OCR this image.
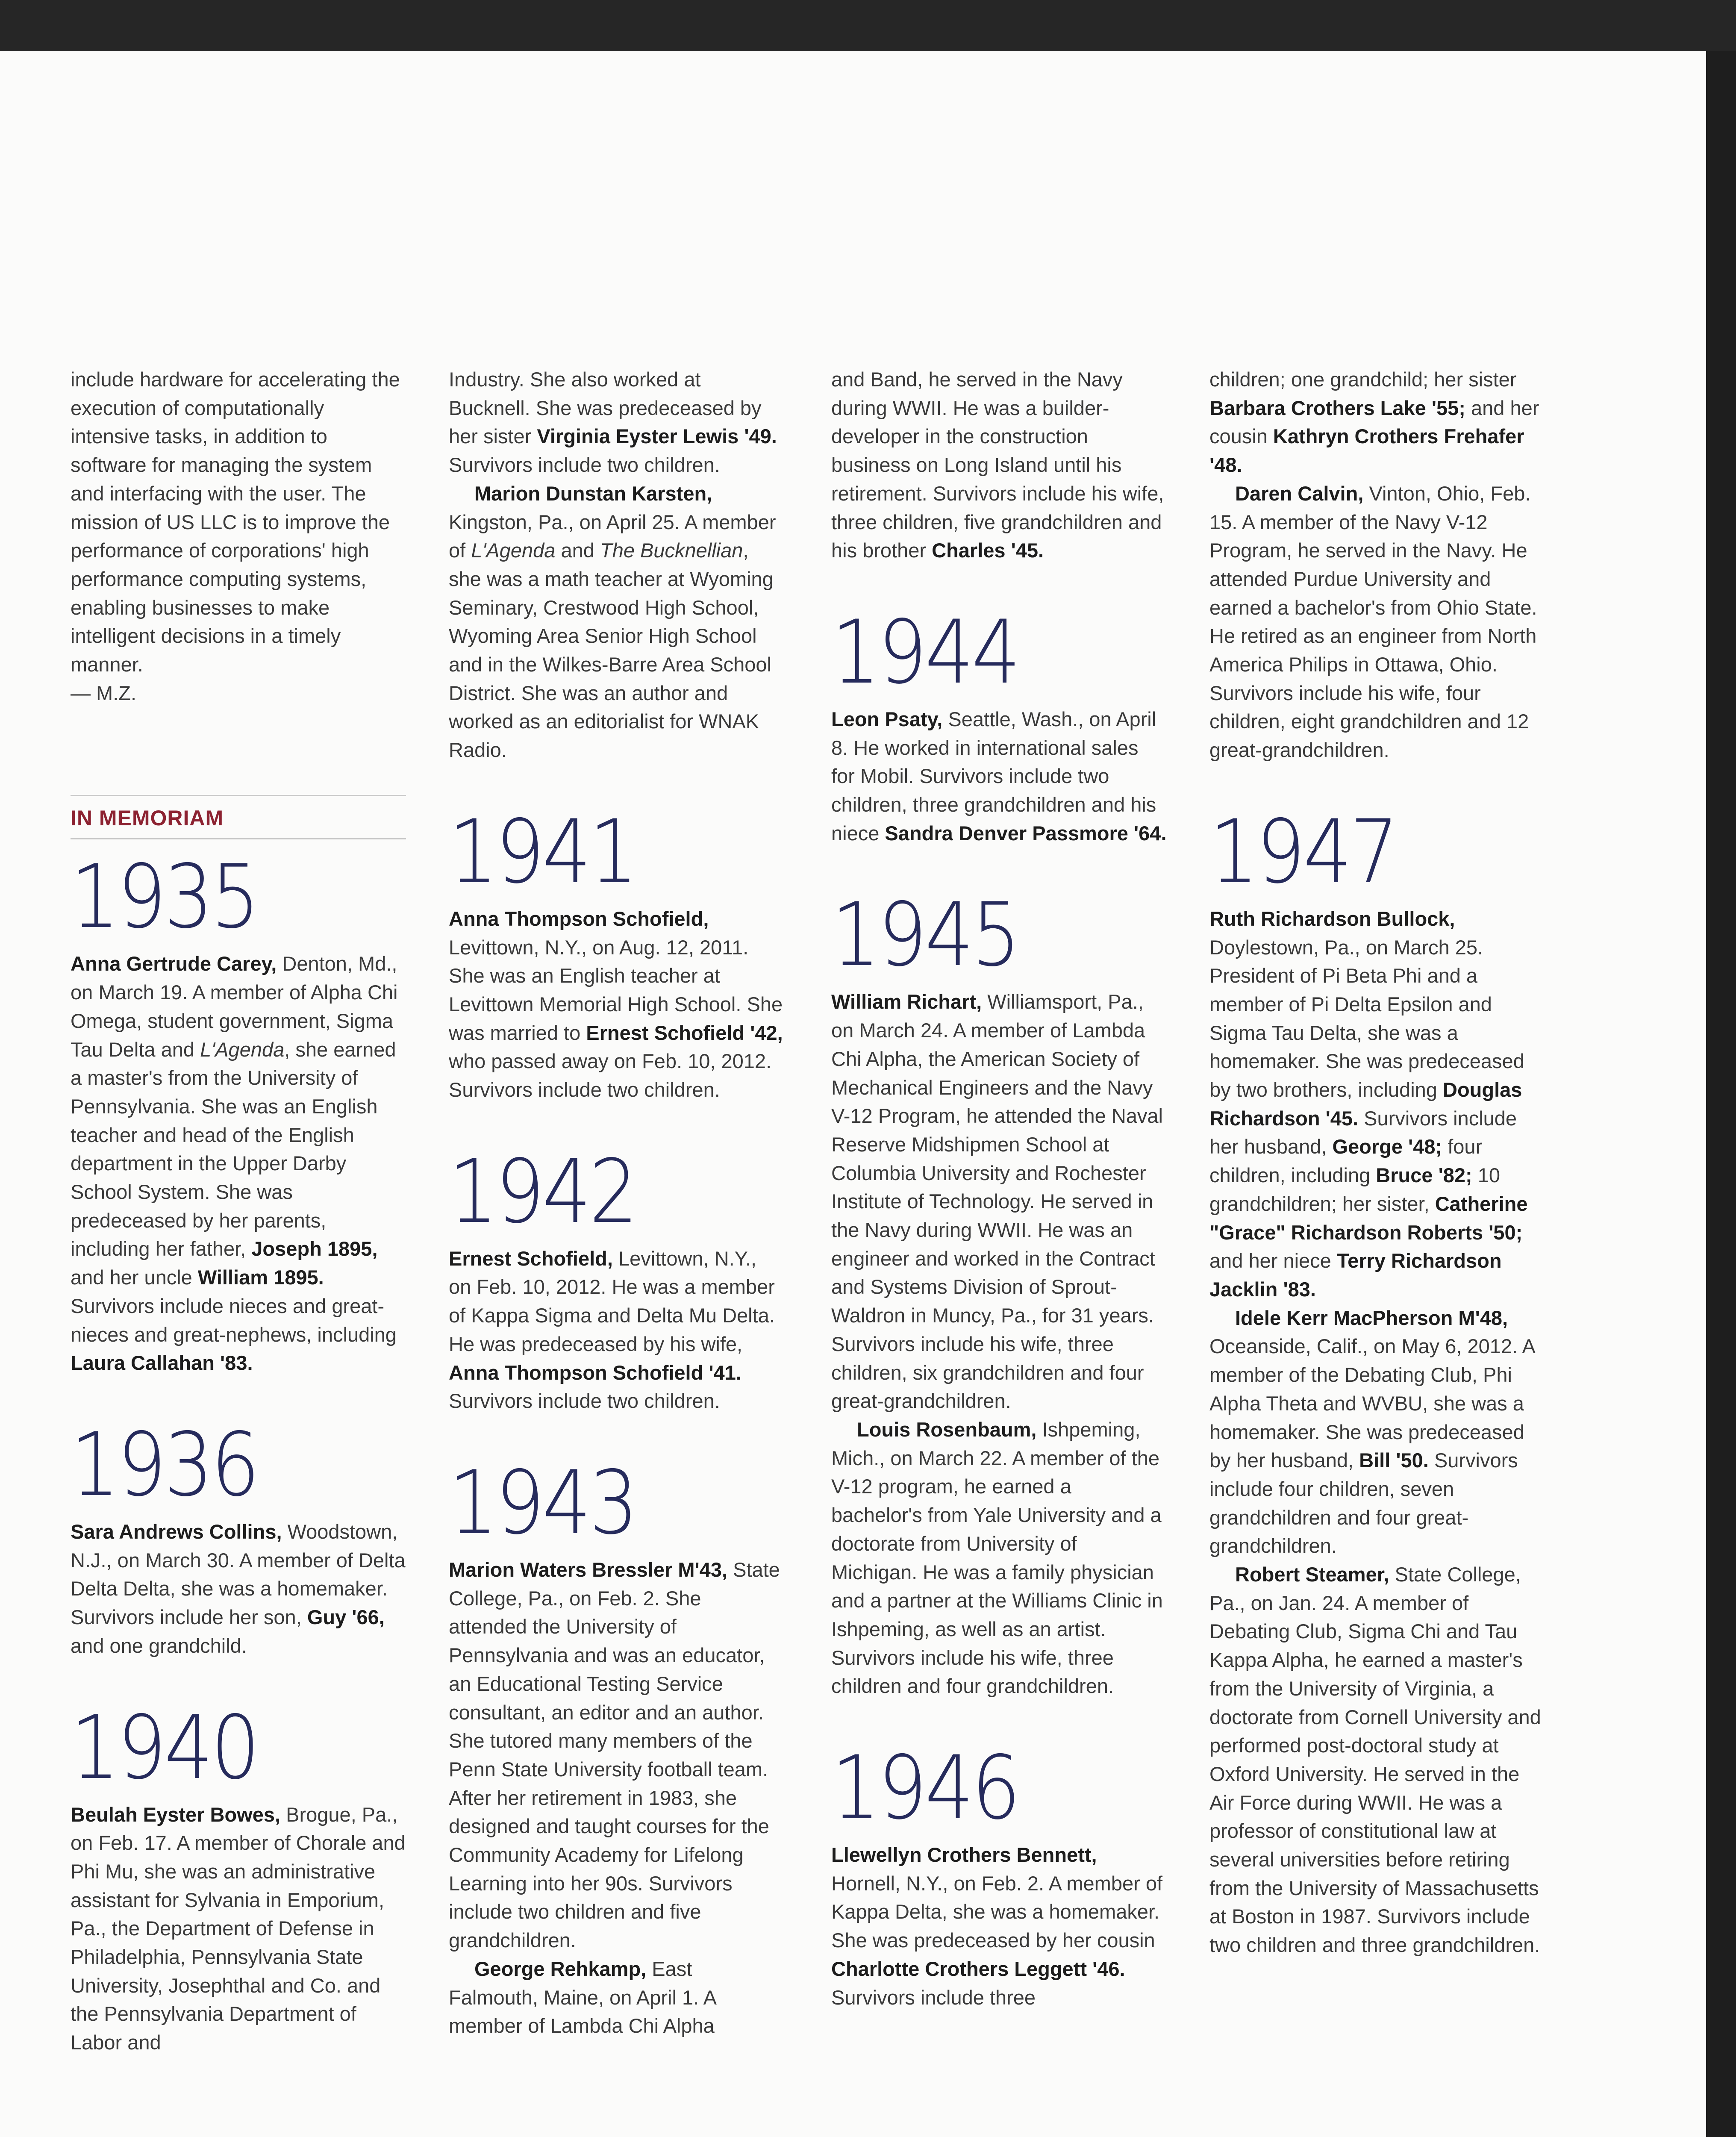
include hardware for accelerating the execution of computationally intensive tasks, in addition to software for managing the system and interfacing with the user. The mission of US LLC is to improve the performance of corporations' high performance computing systems, enabling businesses to make intelligent decisions in a timely manner.
— M.Z.

IN MEMORIAM
1935

Anna Gertrude Carey, Denton, Md., on March 19. A member of Alpha Chi Omega, student government, Sigma Tau Delta and L'Agenda, she earned a master's from the University of Pennsylvania. She was an English teacher and head of the English department in the Upper Darby School System. She was predeceased by her parents, including her father, Joseph 1895, and her uncle William 1895. Survivors include nieces and great-nieces and great-nephews, including Laura Callahan '83.

1936

Sara Andrews Collins, Woodstown, N.J., on March 30. A member of Delta Delta Delta, she was a homemaker. Survivors include her son, Guy '66, and one grandchild.

1940

Beulah Eyster Bowes, Brogue, Pa., on Feb. 17. A member of Chorale and Phi Mu, she was an administrative assistant for Sylvania in Emporium, Pa., the Department of Defense in Philadelphia, Pennsylvania State University, Josephthal and Co. and the Pennsylvania Department of Labor and

Industry. She also worked at Bucknell. She was predeceased by her sister Virginia Eyster Lewis '49. Survivors include two children.

Marion Dunstan Karsten, Kingston, Pa., on April 25. A member of L'Agenda and The Bucknellian, she was a math teacher at Wyoming Seminary, Crestwood High School, Wyoming Area Senior High School and in the Wilkes-Barre Area School District. She was an author and worked as an editorialist for WNAK Radio.

1941

Anna Thompson Schofield, Levittown, N.Y., on Aug. 12, 2011. She was an English teacher at Levittown Memorial High School. She was married to Ernest Schofield '42, who passed away on Feb. 10, 2012. Survivors include two children.

1942

Ernest Schofield, Levittown, N.Y., on Feb. 10, 2012. He was a member of Kappa Sigma and Delta Mu Delta. He was predeceased by his wife, Anna Thompson Schofield '41. Survivors include two children.

1943

Marion Waters Bressler M'43, State College, Pa., on Feb. 2. She attended the University of Pennsylvania and was an educator, an Educational Testing Service consultant, an editor and an author. She tutored many members of the Penn State University football team. After her retirement in 1983, she designed and taught courses for the Community Academy for Lifelong Learning into her 90s. Survivors include two children and five grandchildren.

George Rehkamp, East Falmouth, Maine, on April 1. A member of Lambda Chi Alpha

and Band, he served in the Navy during WWII. He was a builder-developer in the construction business on Long Island until his retirement. Survivors include his wife, three children, five grandchildren and his brother Charles '45.

1944

Leon Psaty, Seattle, Wash., on April 8. He worked in international sales for Mobil. Survivors include two children, three grandchildren and his niece Sandra Denver Passmore '64.

1945

William Richart, Williamsport, Pa., on March 24. A member of Lambda Chi Alpha, the American Society of Mechanical Engineers and the Navy V-12 Program, he attended the Naval Reserve Midshipmen School at Columbia University and Rochester Institute of Technology. He served in the Navy during WWII. He was an engineer and worked in the Contract and Systems Division of Sprout-Waldron in Muncy, Pa., for 31 years. Survivors include his wife, three children, six grandchildren and four great-grandchildren.

Louis Rosenbaum, Ishpeming, Mich., on March 22. A member of the V-12 program, he earned a bachelor's from Yale University and a doctorate from University of Michigan. He was a family physician and a partner at the Williams Clinic in Ishpeming, as well as an artist. Survivors include his wife, three children and four grandchildren.

1946

Llewellyn Crothers Bennett, Hornell, N.Y., on Feb. 2. A member of Kappa Delta, she was a homemaker. She was predeceased by her cousin Charlotte Crothers Leggett '46. Survivors include three

children; one grandchild; her sister Barbara Crothers Lake '55; and her cousin Kathryn Crothers Frehafer '48.

Daren Calvin, Vinton, Ohio, Feb. 15. A member of the Navy V-12 Program, he served in the Navy. He attended Purdue University and earned a bachelor's from Ohio State. He retired as an engineer from North America Philips in Ottawa, Ohio. Survivors include his wife, four children, eight grandchildren and 12 great-grandchildren.

1947

Ruth Richardson Bullock, Doylestown, Pa., on March 25. President of Pi Beta Phi and a member of Pi Delta Epsilon and Sigma Tau Delta, she was a homemaker. She was predeceased by two brothers, including Douglas Richardson '45. Survivors include her husband, George '48; four children, including Bruce '82; 10 grandchildren; her sister, Catherine "Grace" Richardson Roberts '50; and her niece Terry Richardson Jacklin '83.

Idele Kerr MacPherson M'48, Oceanside, Calif., on May 6, 2012. A member of the Debating Club, Phi Alpha Theta and WVBU, she was a homemaker. She was predeceased by her husband, Bill '50. Survivors include four children, seven grandchildren and four great-grandchildren.

Robert Steamer, State College, Pa., on Jan. 24. A member of Debating Club, Sigma Chi and Tau Kappa Alpha, he earned a master's from the University of Virginia, a doctorate from Cornell University and performed post-doctoral study at Oxford University. He served in the Air Force during WWII. He was a professor of constitutional law at several universities before retiring from the University of Massachusetts at Boston in 1987. Survivors include two children and three grandchildren.
